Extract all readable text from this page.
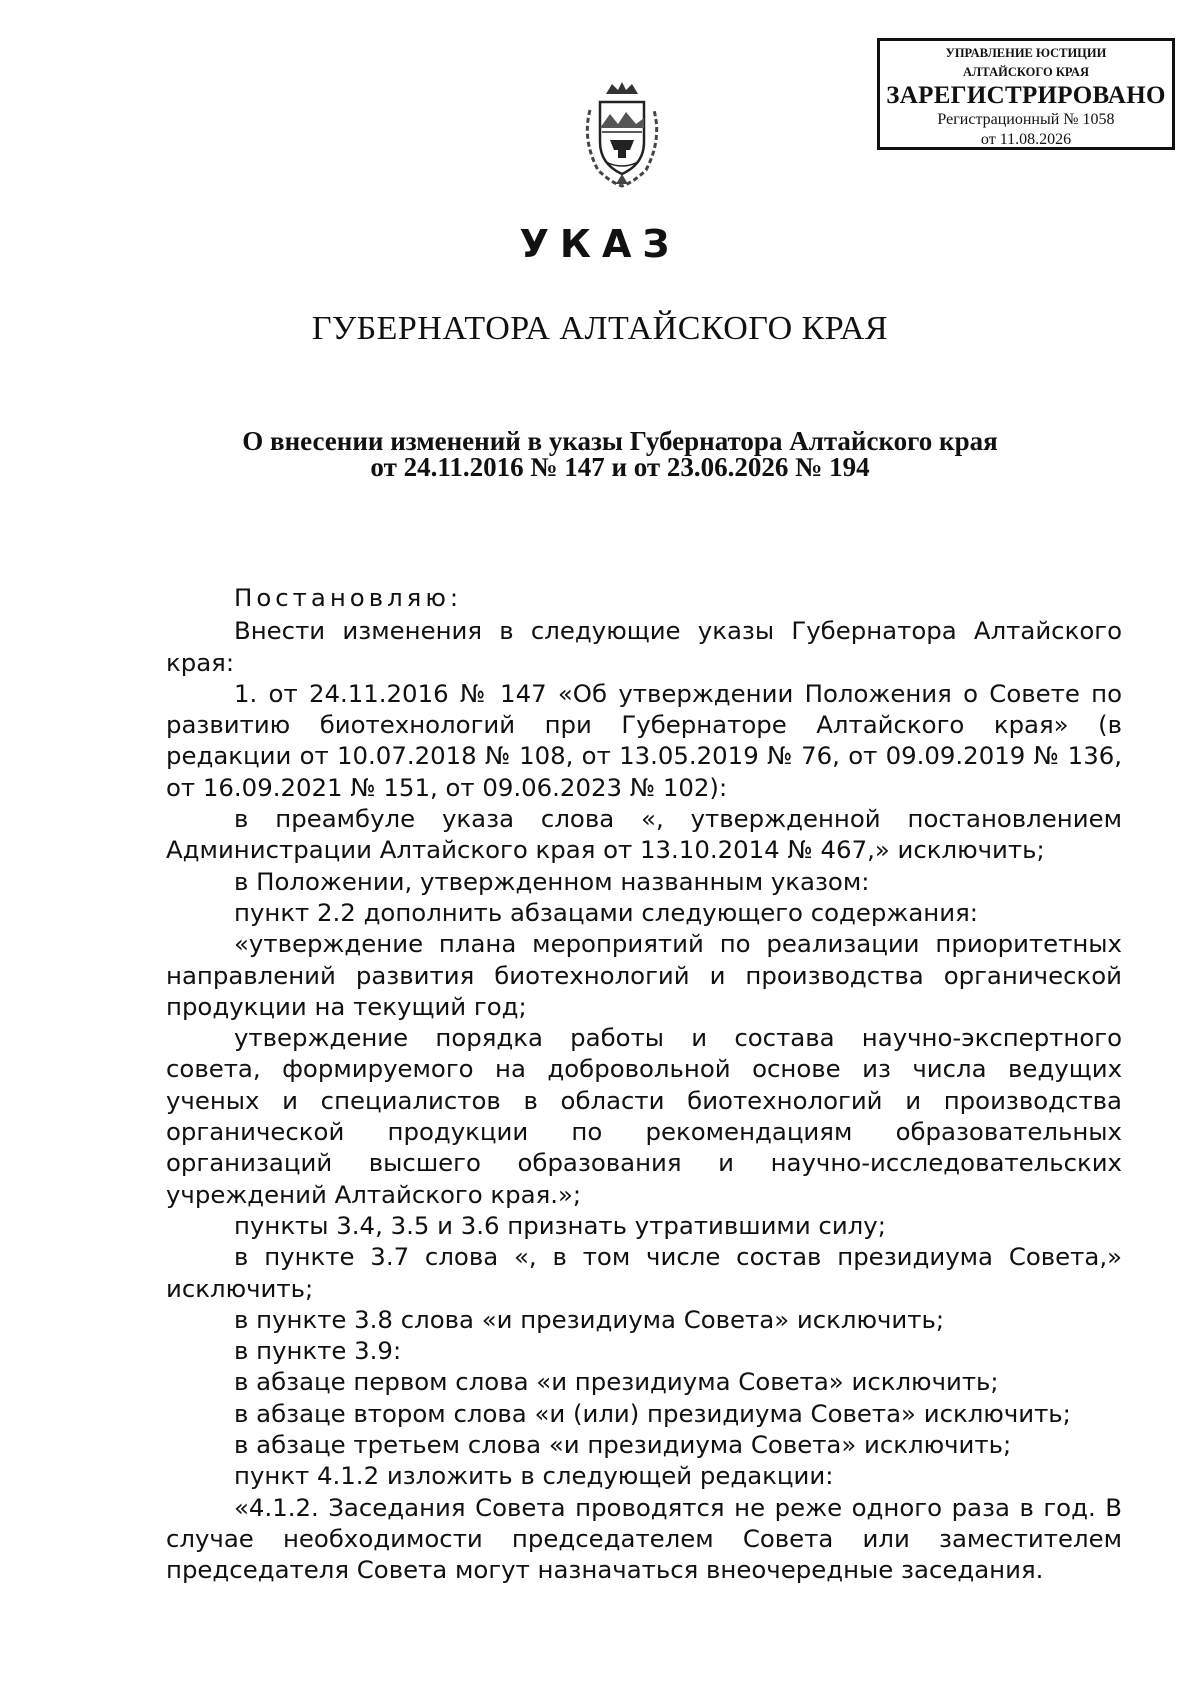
УПРАВЛЕНИЕ ЮСТИЦИИ
АЛТАЙСКОГО КРАЯ
ЗАРЕГИСТРИРОВАНО
Регистрационный № 1058
от 11.08.2026
УКАЗ
ГУБЕРНАТОРА АЛТАЙСКОГО КРАЯ
О внесении изменений в указы Губернатора Алтайского края
от 24.11.2016 № 147 и от 23.06.2026 № 194

Постановляю:

Внести изменения в следующие указы Губернатора Алтайского края:

1. от 24.11.2016 № 147 «Об утверждении Положения о Совете по развитию биотехнологий при Губернаторе Алтайского края» (в редакции от 10.07.2018 № 108, от 13.05.2019 № 76, от 09.09.2019 № 136, от 16.09.2021 № 151, от 09.06.2023 № 102):

в преамбуле указа слова «, утвержденной постановлением Администрации Алтайского края от 13.10.2014 № 467,» исключить;

в Положении, утвержденном названным указом:

пункт 2.2 дополнить абзацами следующего содержания:

«утверждение плана мероприятий по реализации приоритетных направлений развития биотехнологий и производства органической продукции на текущий год;

утверждение порядка работы и состава научно-экспертного совета, формируемого на добровольной основе из числа ведущих ученых и специалистов в области биотехнологий и производства органической продукции по рекомендациям образовательных организаций высшего образования и научно-исследовательских учреждений Алтайского края.»;

пункты 3.4, 3.5 и 3.6 признать утратившими силу;

в пункте 3.7 слова «, в том числе состав президиума Совета,» исключить;

в пункте 3.8 слова «и президиума Совета» исключить;

в пункте 3.9:

в абзаце первом слова «и президиума Совета» исключить;

в абзаце втором слова «и (или) президиума Совета» исключить;

в абзаце третьем слова «и президиума Совета» исключить;

пункт 4.1.2 изложить в следующей редакции:

«4.1.2. Заседания Совета проводятся не реже одного раза в год. В случае необходимости председателем Совета или заместителем председателя Совета могут назначаться внеочередные заседания.
